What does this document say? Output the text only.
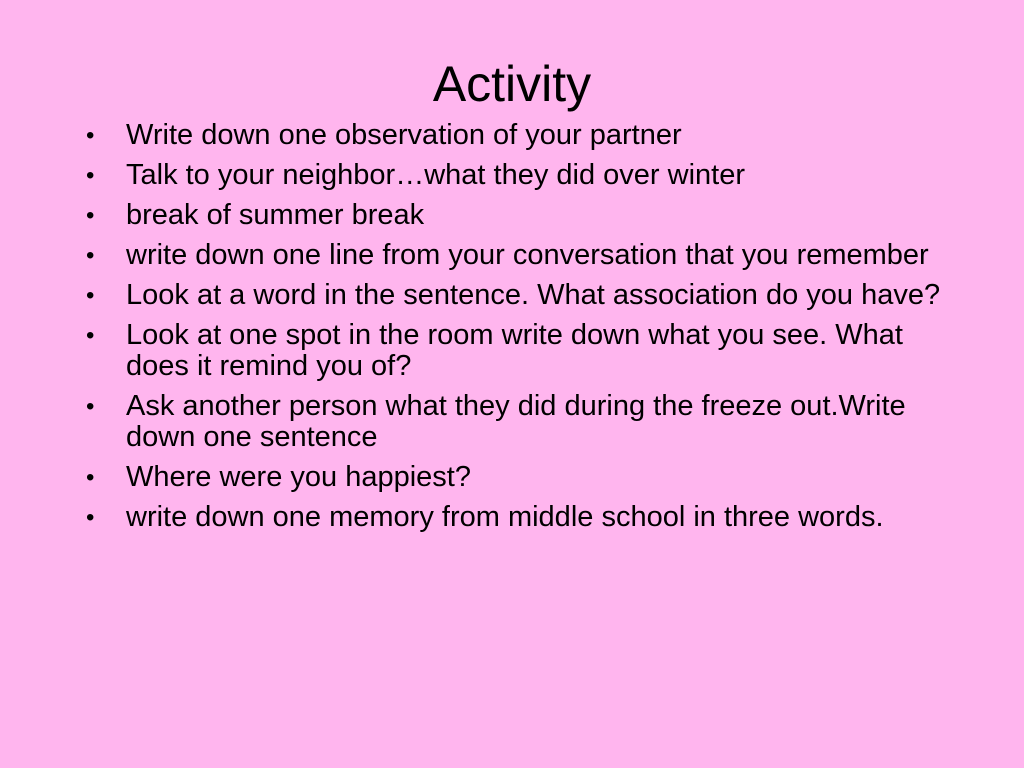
Activity
•	Write down one observation of your partner
•	Talk to your neighbor…what they did over winter
•	break of summer break
•	write down one line from your conversation that you remember
•	Look at a word in the sentence. What association do you have?
•	Look at one spot in the room write down what you see. What does it remind you of?
•	Ask another person what they did during the freeze out.Write down one sentence
•	Where were you happiest?
•	write down one memory from middle school in three words.
